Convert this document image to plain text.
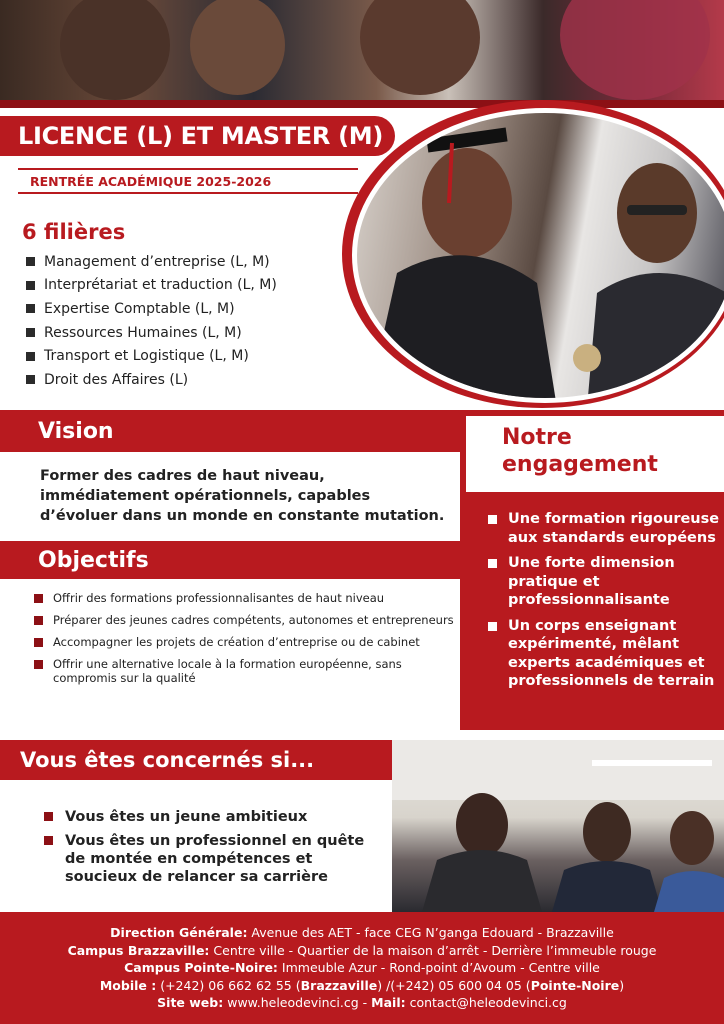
LICENCE (L) ET MASTER (M)
RENTRÉE ACADÉMIQUE 2025-2026
6 filières
Management d’entreprise (L, M)
Interprétariat et traduction (L, M)
Expertise Comptable (L, M)
Ressources Humaines (L, M)
Transport et Logistique (L, M)
Droit des Affaires (L)
Vision

Former des cadres de haut niveau, immédiatement opérationnels, capables d’évoluer dans un monde en constante mutation.

Objectifs
Offrir des formations professionnalisantes de haut niveau
Préparer des jeunes cadres compétents, autonomes et entrepreneurs
Accompagner les projets de création d’entreprise ou de cabinet
Offrir une alternative locale à la formation européenne, sans compromis sur la qualité
Notre
engagement
Une formation rigoureuse aux standards européens
Une forte dimension pratique et professionnalisante
Un corps enseignant expérimenté, mêlant experts académiques et professionnels de terrain
Vous êtes concernés si...
Vous êtes un jeune ambitieux
Vous êtes un professionnel en quête de montée en compétences et soucieux de relancer sa carrière

Direction Générale: Avenue des AET - face CEG N’ganga Edouard - Brazzaville

Campus Brazzaville: Centre ville - Quartier de la maison d’arrêt - Derrière l’immeuble rouge

Campus Pointe-Noire: Immeuble Azur - Rond-point d’Avoum - Centre ville

Mobile : (+242) 06 662 62 55 (Brazzaville) /(+242) 05 600 04 05 (Pointe-Noire)

Site web: www.heleodevinci.cg - Mail: contact@heleodevinci.cg
